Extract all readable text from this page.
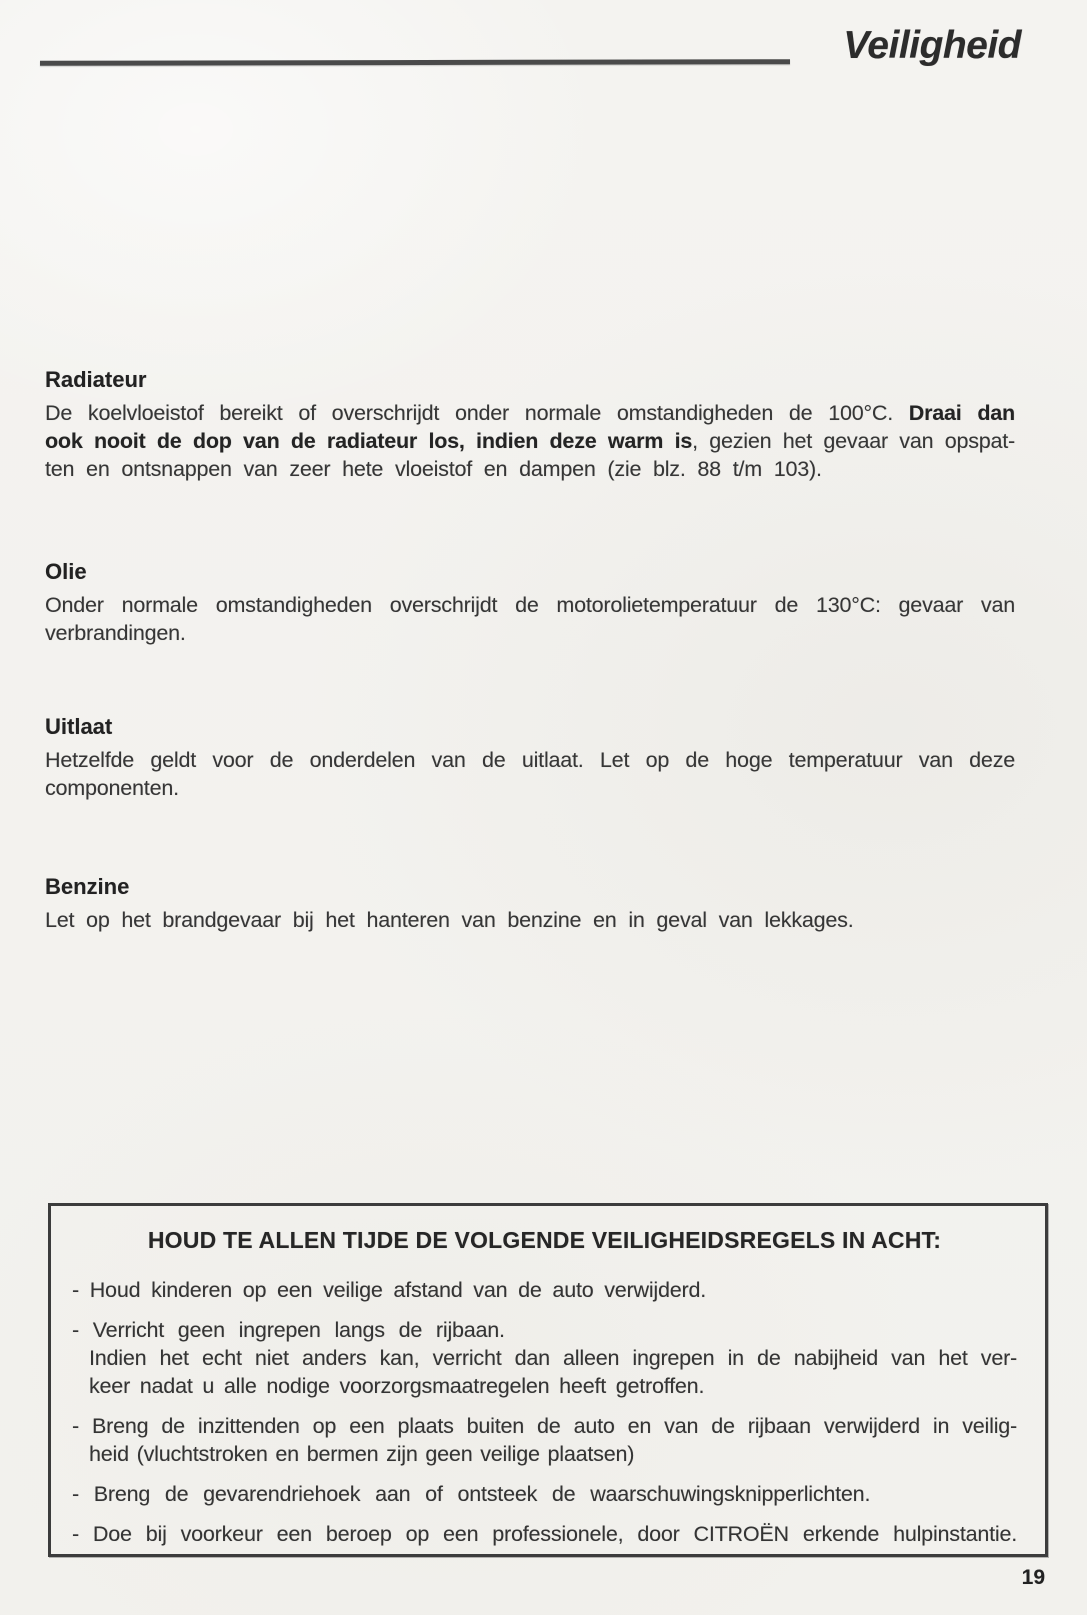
Veiligheid
Radiateur
De koelvloeistof bereikt of overschrijdt onder normale omstandigheden de 100°C. Draai dan
ook nooit de dop van de radiateur los, indien deze warm is, gezien het gevaar van opspat-
ten en ontsnappen van zeer hete vloeistof en dampen (zie blz. 88 t/m 103).
Olie
Onder normale omstandigheden overschrijdt de motorolietemperatuur de 130°C: gevaar van
verbrandingen.
Uitlaat
Hetzelfde geldt voor de onderdelen van de uitlaat. Let op de hoge temperatuur van deze
componenten.
Benzine
Let op het brandgevaar bij het hanteren van benzine en in geval van lekkages.
HOUD TE ALLEN TIJDE DE VOLGENDE VEILIGHEIDSREGELS IN ACHT:
- Houd kinderen op een veilige afstand van de auto verwijderd.
- Verricht geen ingrepen langs de rijbaan.
Indien het echt niet anders kan, verricht dan alleen ingrepen in de nabijheid van het ver-
keer nadat u alle nodige voorzorgsmaatregelen heeft getroffen.
- Breng de inzittenden op een plaats buiten de auto en van de rijbaan verwijderd in veilig-
heid (vluchtstroken en bermen zijn geen veilige plaatsen)
- Breng de gevarendriehoek aan of ontsteek de waarschuwingsknipperlichten.
- Doe bij voorkeur een beroep op een professionele, door CITROËN erkende hulpinstantie.
19
